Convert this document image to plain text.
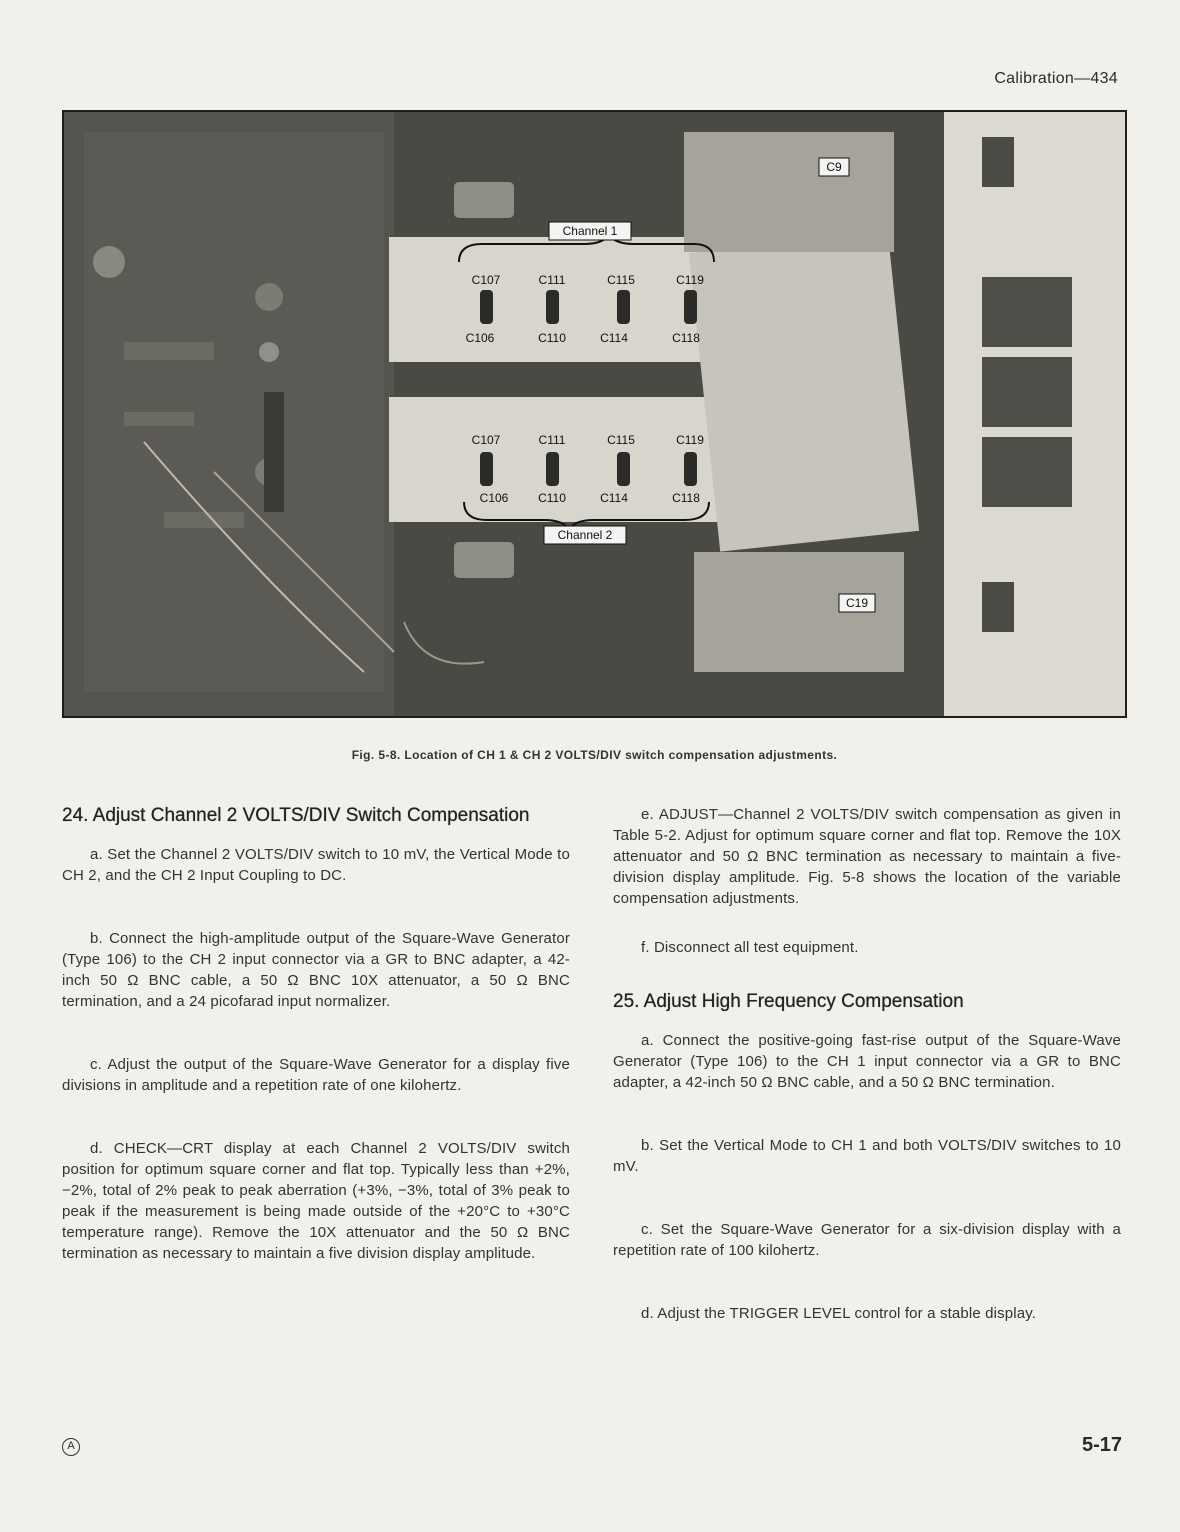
Calibration—434
Channel 1
Channel 2
C9
C19
C107	C111	C115	C119
C106	C110	C114	C118
C107	C111	C115	C119
C106 C110	C114	C118
Fig. 5-8. Location of CH 1 & CH 2 VOLTS/DIV switch compensation adjustments.
24. Adjust Channel 2 VOLTS/DIV Switch Compensation

a. Set the Channel 2 VOLTS/DIV switch to 10 mV, the Vertical Mode to CH 2, and the CH 2 Input Coupling to DC.

b. Connect the high-amplitude output of the Square-Wave Generator (Type 106) to the CH 2 input connector via a GR to BNC adapter, a 42-inch 50 Ω BNC cable, a 50 Ω BNC 10X attenuator, a 50 Ω BNC termination, and a 24 picofarad input normalizer.

c. Adjust the output of the Square-Wave Generator for a display five divisions in amplitude and a repetition rate of one kilohertz.

d. CHECK—CRT display at each Channel 2 VOLTS/DIV switch position for optimum square corner and flat top. Typically less than +2%, −2%, total of 2% peak to peak aberration (+3%, −3%, total of 3% peak to peak if the measurement is being made outside of the +20°C to +30°C temperature range). Remove the 10X attenuator and the 50 Ω BNC termination as necessary to maintain a five division display amplitude.

e. ADJUST—Channel 2 VOLTS/DIV switch compensation as given in Table 5-2. Adjust for optimum square corner and flat top. Remove the 10X attenuator and 50 Ω BNC termination as necessary to maintain a five-division display amplitude. Fig. 5-8 shows the location of the variable compensation adjustments.

f. Disconnect all test equipment.

25. Adjust High Frequency Compensation

a. Connect the positive-going fast-rise output of the Square-Wave Generator (Type 106) to the CH 1 input connector via a GR to BNC adapter, a 42-inch 50 Ω BNC cable, and a 50 Ω BNC termination.

b. Set the Vertical Mode to CH 1 and both VOLTS/DIV switches to 10 mV.

c. Set the Square-Wave Generator for a six-division display with a repetition rate of 100 kilohertz.

d. Adjust the TRIGGER LEVEL control for a stable display.

A	5-17
